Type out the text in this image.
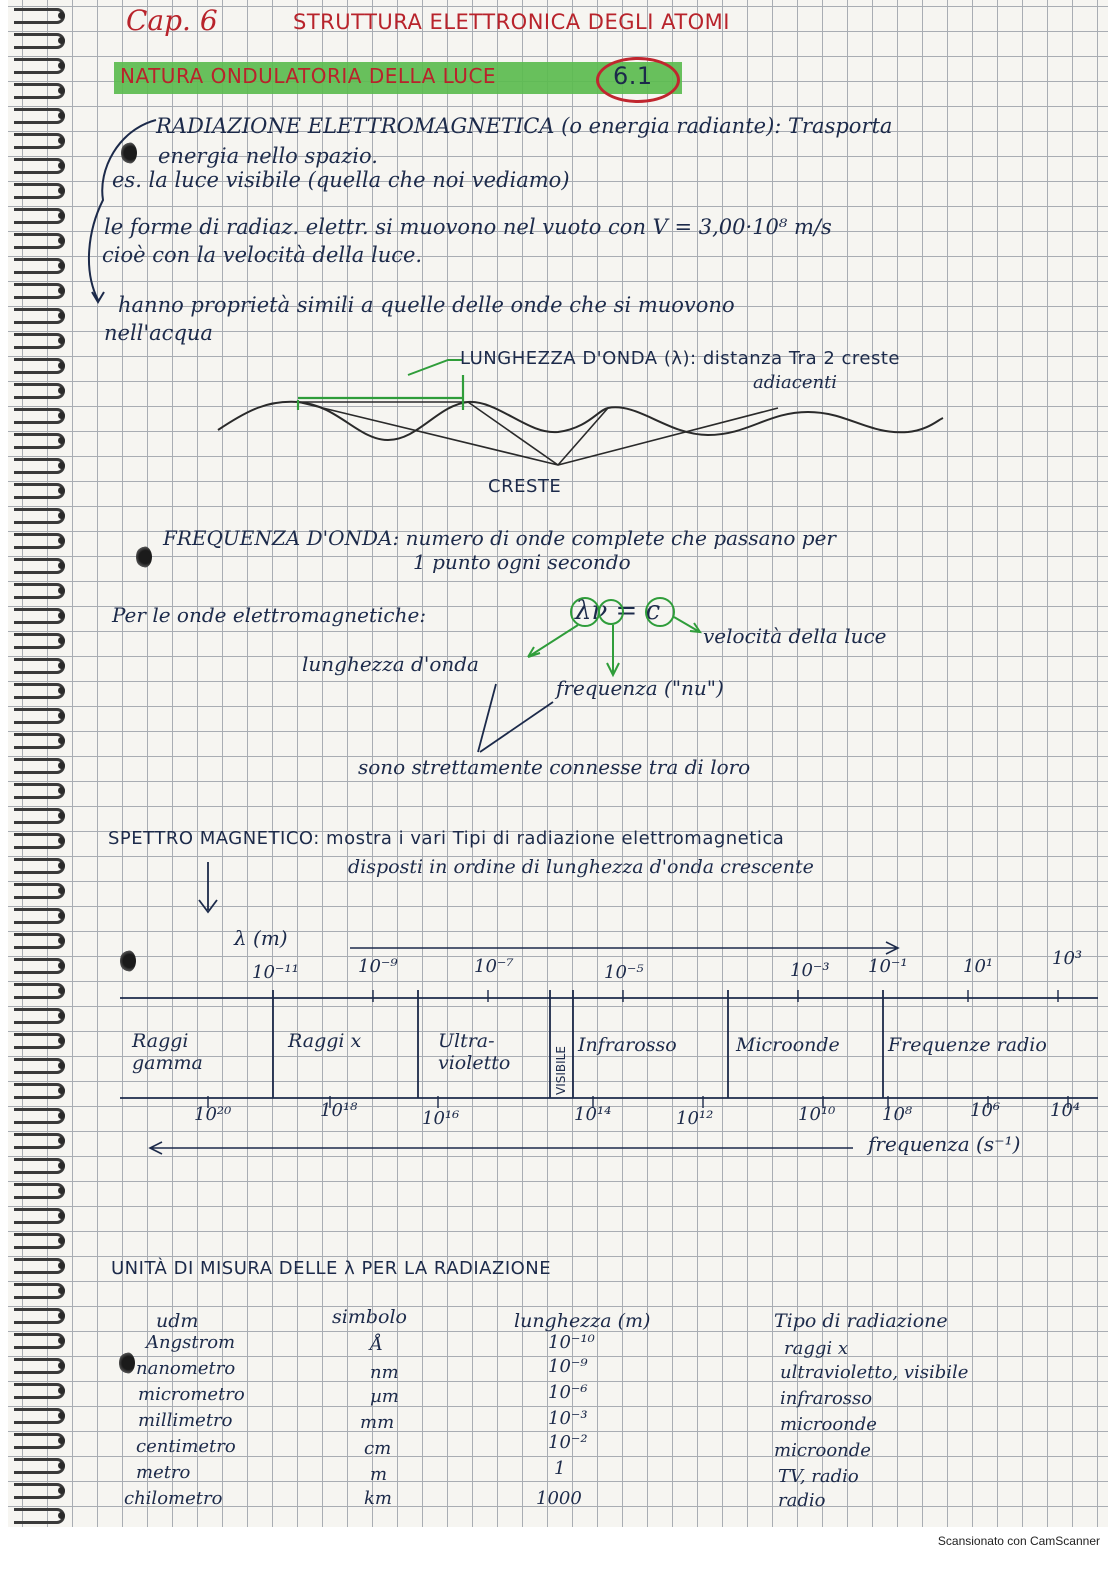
Cap. 6	STRUTTURA ELETTRONICA DEGLI ATOMI
NATURA ONDULATORIA DELLA LUCE	6.1
RADIAZIONE ELETTROMAGNETICA (o energia radiante): Trasporta
energia nello spazio.
es. la luce visibile (quella che noi vediamo)
le forme di radiaz. elettr. si muovono nel vuoto con V = 3,00·10⁸ m/s
cioè con la velocità della luce.
hanno proprietà simili a quelle delle onde che si muovono
nell'acqua
LUNGHEZZA D'ONDA (λ): distanza Tra 2 creste
adiacenti
CRESTE
FREQUENZA D'ONDA: numero di onde complete che passano per
1 punto ogni secondo
Per le onde elettromagnetiche:	λν = c
velocità della luce
lunghezza d'onda
frequenza ("nu")
sono strettamente connesse tra di loro
SPETTRO MAGNETICO: mostra i vari Tipi di radiazione elettromagnetica
disposti in ordine di lunghezza d'onda crescente
λ (m)
10⁻¹¹	10⁻⁹	10⁻⁷	10⁻⁵	10⁻³ 10⁻¹	10¹	10³
Raggi gamma
Raggi x	Ultra-violetto	VISIBILE
Infrarosso	Microonde	Frequenze radio
10²⁰	10¹⁸	10¹⁶	10¹⁴	10¹²	10¹⁰	10⁸	10⁶	10⁴
frequenza (s⁻¹)
UNITÀ DI MISURA DELLE λ PER LA RADIAZIONE
udm	simbolo	lunghezza (m)	Tipo di radiazione
Angstrom	Å	10⁻¹⁰	raggi x
nanometro	nm	10⁻⁹	ultravioletto, visibile
micrometro	µm	10⁻⁶	infrarosso
millimetro	mm	10⁻³	microonde
centimetro	cm	10⁻²	microonde
metro	m	1	TV, radio
chilometro	km	1000	radio
Scansionato con CamScanner
